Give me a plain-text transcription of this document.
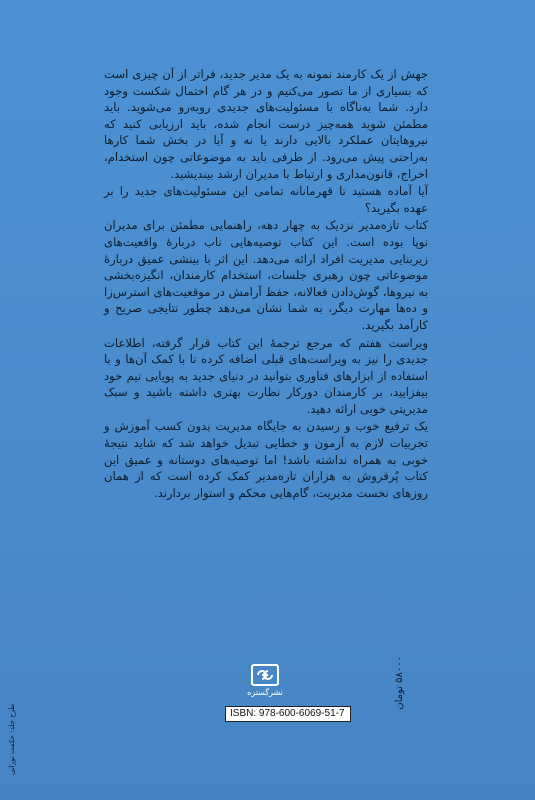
جهش از یک کارمند نمونه به یک مدیر جدید، فراتر از آن چیزی است که بسیاری از ما تصور می‌کنیم و در هر گام احتمال شکست وجود دارد. شما به‌ناگاه با مسئولیت‌های جدیدی روبه‌رو می‌شوید. باید مطمئن شوید همه‌چیز درست انجام شده، باید ارزیابی کنید که نیروهایتان عملکرد بالایی دارند یا نه و آیا در بخش شما کارها به‌راحتی پیش می‌رود. از طرفی باید به موضوعاتی چون استخدام، اخراج، قانون‌مداری و ارتباط با مدیران ارشد بیندیشید.

آیا آماده هستید تا قهرمانانه تمامی این مسئولیت‌های جدید را بر عهده بگیرید؟

کتاب تازه‌مدیر نزدیک به چهار دهه، راهنمایی مطمئن برای مدیران نوپا بوده است. این کتاب توصیه‌هایی ناب دربارهٔ واقعیت‌های زیربنایی مدیریت افراد ارائه می‌دهد. این اثر با بینشی عمیق دربارهٔ موضوعاتی چون رهبری جلسات، استخدام کارمندان، انگیزه‌بخشی به نیروها، گوش‌دادن فعالانه، حفظ آرامش در موقعیت‌های استرس‌زا و ده‌ها مهارت دیگر، به شما نشان می‌دهد چطور نتایجی صریح و کارآمد بگیرید.

ویراست هفتم که مرجع ترجمهٔ این کتاب قرار گرفته، اطلاعات جدیدی را نیز به ویراست‌های قبلی اضافه کرده تا با کمک آن‌ها و با استفاده از ابزارهای فناوری بتوانید در دنیای جدید به پویایی تیم خود بیفزایید، بر کارمندان دورکار نظارت بهتری داشته باشید و سبک مدیریتی خوبی ارائه دهید.

یک ترفیع خوب و رسیدن به جایگاه مدیریت بدون کسب آموزش و تجربیات لازم به آزمون و خطایی تبدیل خواهد شد که شاید نتیجهٔ خوبی به همراه نداشته باشد! اما توصیه‌های دوستانه و عمیق این کتاب پُرفروش به هزاران تازه‌مدیر کمک کرده است که از همان روزهای نخست مدیریت، گام‌هایی محکم و استوار بردارند.

نشرگستره
ISBN: 978-600-6069-51-7
۵۸۰۰۰ تومان
طرح جلد: حکمت نورانی
